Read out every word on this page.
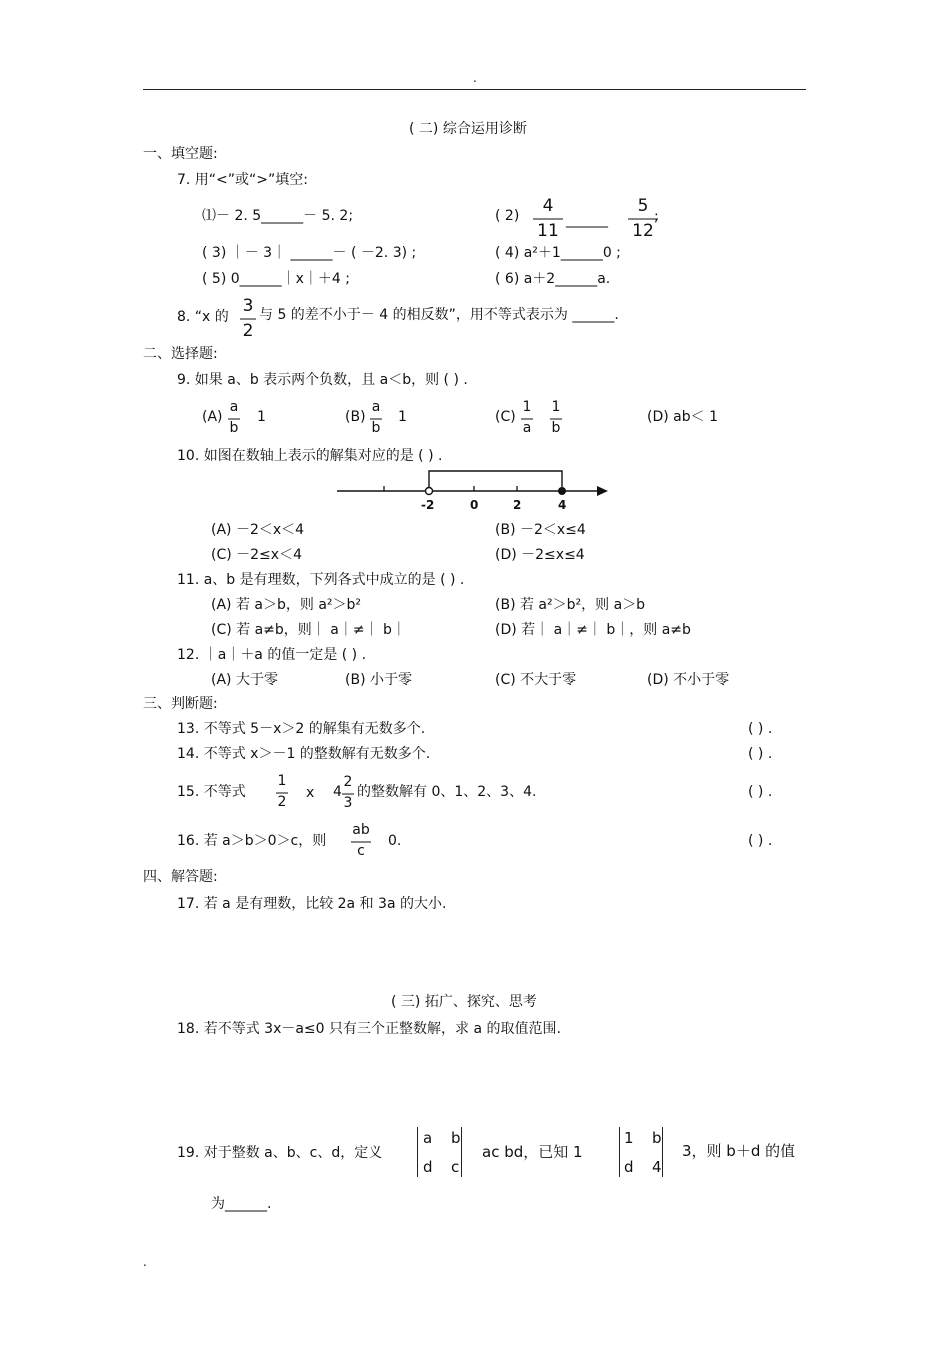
.
( 二) 综合运用诊断
一、填空题:
7. 用“<”或“>”填空:
⑴－ 2. 5______－ 5. 2;	( 2)	4
11
______
5
12
;
( 3) ｜－ 3｜ ______－ ( －2. 3) ;	( 4) a²＋1______0 ;
( 5) 0______｜x｜＋4 ;	( 6) a＋2______a.
8. “x 的
3
2
与 5 的差不小于－ 4 的相反数”，用不等式表示为 ______.
二、选择题:
9. 如果 a、b 表示两个负数，且 a＜b，则 ( ) .
(A)
a
b
1	(B)
a
b
1	(C)
1
a
1
b
(D) ab＜ 1
10. 如图在数轴上表示的解集对应的是 ( ) .
-2	0	2	4
(A) －2＜x＜4	(B) －2＜x≤4
(C) －2≤x＜4	(D) －2≤x≤4
11. a、b 是有理数，下列各式中成立的是 ( ) .
(A) 若 a＞b，则 a²＞b²	(B) 若 a²＞b²，则 a＞b
(C) 若 a≠b，则｜ a｜≠｜ b｜	(D) 若｜ a｜≠｜ b｜，则 a≠b
12. ｜a｜＋a 的值一定是 ( ) .
(A) 大于零	(B) 小于零	(C) 不大于零	(D) 不小于零
三、判断题:
13. 不等式 5－x＞2 的解集有无数多个.	( ) .
14. 不等式 x＞－1 的整数解有无数多个.	( ) .
15. 不等式
1
2
x 4
2
3
的整数解有 0、1、2、3、4.	( ) .
16. 若 a＞b＞0＞c，则
ab
c
0.	( ) .
四、解答题:
17. 若 a 是有理数，比较 2a 和 3a 的大小.
( 三) 拓广、探究、思考
18. 若不等式 3x－a≤0 只有三个正整数解，求 a 的取值范围.
19. 对于整数 a、b、c、d，定义
a b
d c
ac bd，已知 1
1 b
d 4
3，则 b＋d 的值
为______.
.
